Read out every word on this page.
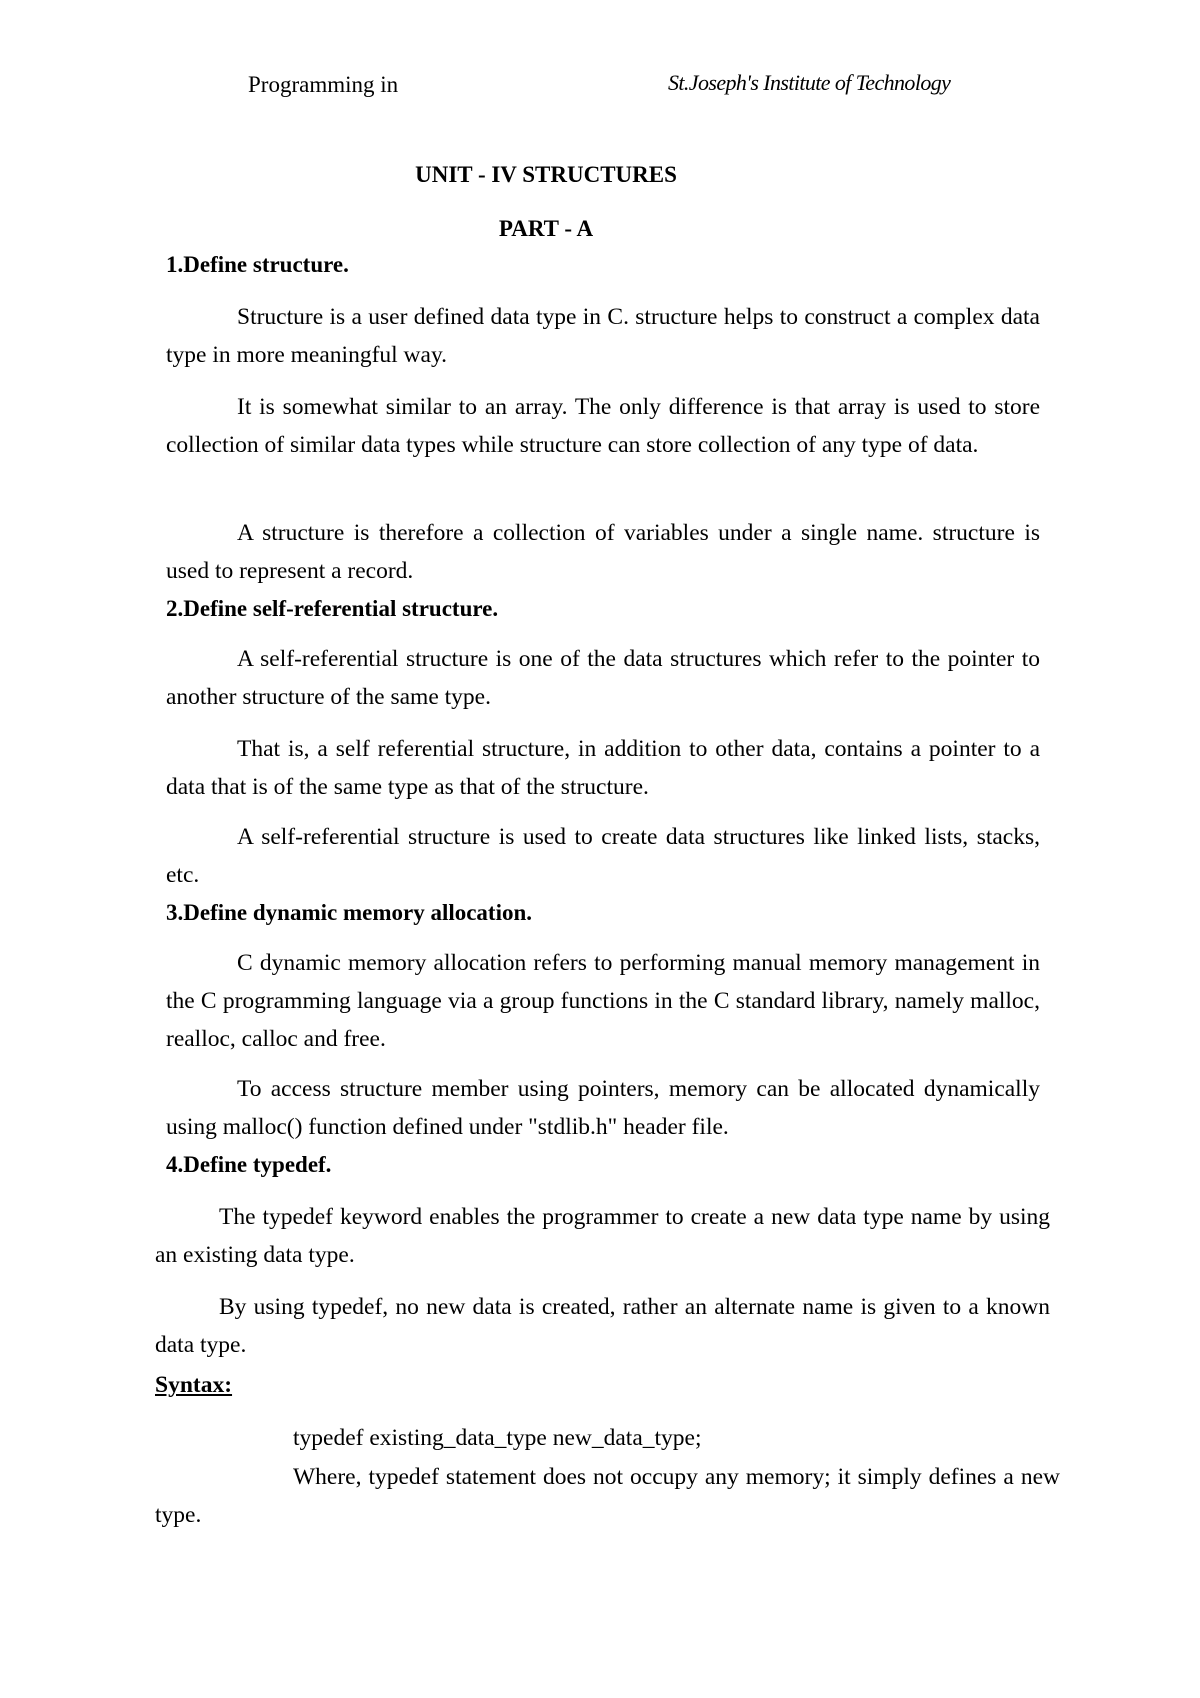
Programming in	St.Joseph's Institute of Technology
UNIT - IV STRUCTURES
PART - A
1.Define structure.

Structure is a user defined data type in C. structure helps to construct a complex data type in more meaningful way.

It is somewhat similar to an array. The only difference is that array is used to store collection of similar data types while structure can store collection of any type of data.

A structure is therefore a collection of variables under a single name. structure is used to represent a record.

2.Define self-referential structure.

A self-referential structure is one of the data structures which refer to the pointer to another structure of the same type.

That is, a self referential structure, in addition to other data, contains a pointer to a data that is of the same type as that of the structure.

A self-referential structure is used to create data structures like linked lists, stacks, etc.

3.Define dynamic memory allocation.

C dynamic memory allocation refers to performing manual memory management in the C programming language via a group functions in the C standard library, namely malloc, realloc, calloc and free.

To access structure member using pointers, memory can be allocated dynamically using malloc() function defined under "stdlib.h" header file.

4.Define typedef.

The typedef keyword enables the programmer to create a new data type name by using an existing data type.

By using typedef, no new data is created, rather an alternate name is given to a known data type.

Syntax:
typedef existing_data_type new_data_type;

Where, typedef statement does not occupy any memory; it simply defines a new type.
